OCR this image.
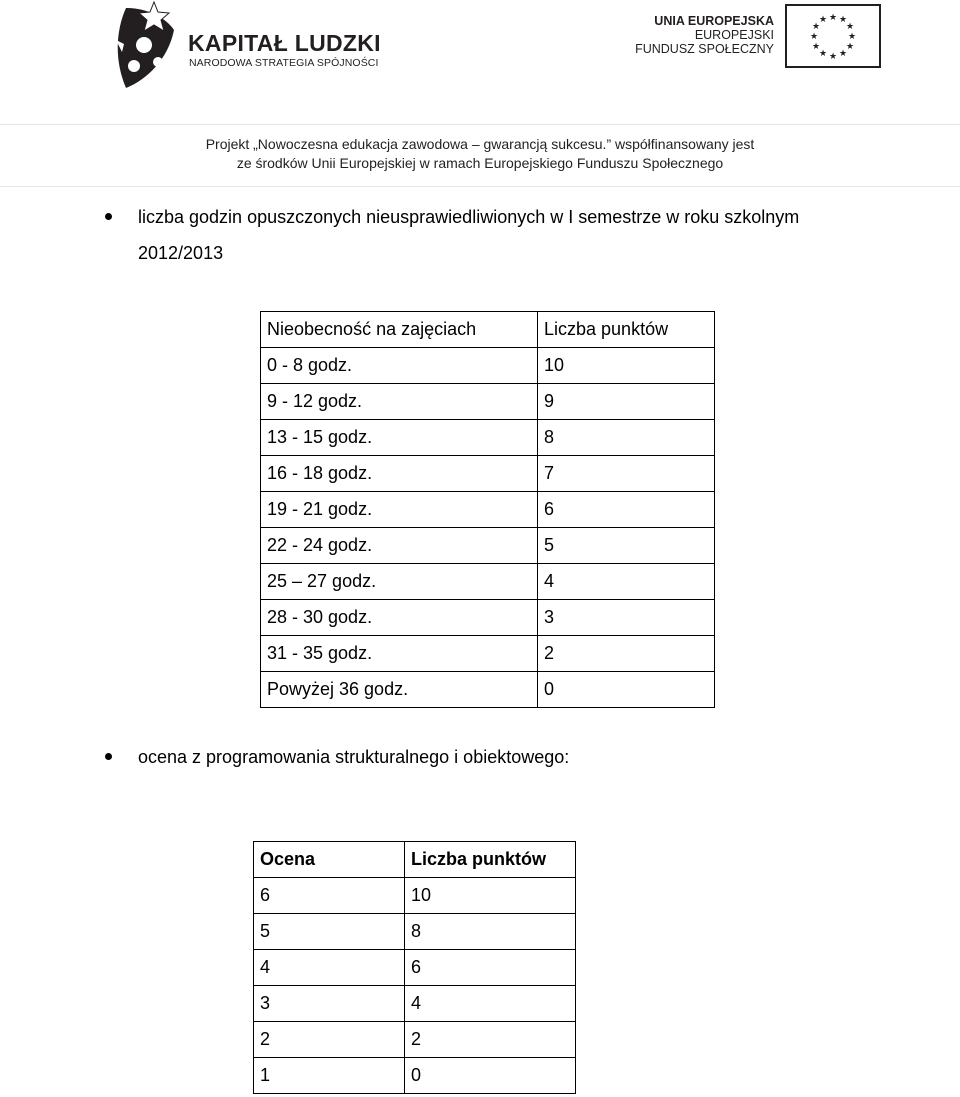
KAPITAŁ LUDZKI
NARODOWA STRATEGIA SPÓJNOŚCI
UNIA EUROPEJSKA
EUROPEJSKI
FUNDUSZ SPOŁECZNY
★ ★
★
★
★
★
★
★
★
★
★
★
Projekt „Nowoczesna edukacja zawodowa – gwarancją sukcesu.” współfinansowany jest
ze środków Unii Europejskiej w ramach Europejskiego Funduszu Społecznego
liczba godzin opuszczonych nieusprawiedliwionych w I semestrze w roku szkolnym
2012/2013
Nieobecność na zajęciach	Liczba punktów
0 - 8 godz.	10
9 - 12 godz.	9
13 - 15 godz.	8
16 - 18 godz.	7
19 - 21 godz.	6
22 - 24 godz.	5
25 – 27 godz.	4
28 - 30 godz.	3
31 - 35 godz.	2
Powyżej 36 godz.	0
ocena z programowania strukturalnego i obiektowego:
Ocena	Liczba punktów
6	10
5	8
4	6
3	4
2	2
1	0
